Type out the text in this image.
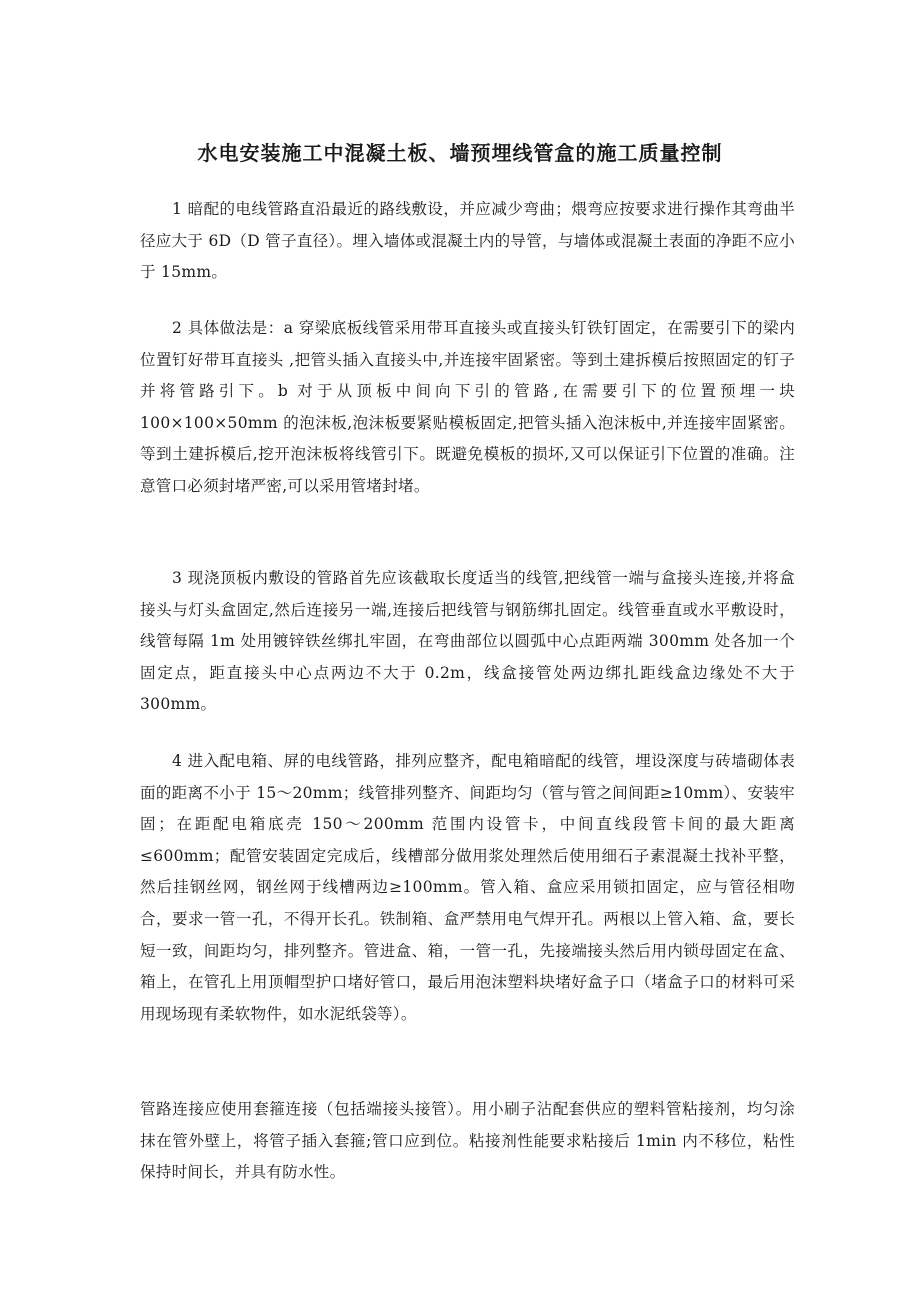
水电安装施工中混凝土板、墙预埋线管盒的施工质量控制

1 暗配的电线管路直沿最近的路线敷设，并应减少弯曲；煨弯应按要求进行操作其弯曲半径应大于 6D（D 管子直径）。埋入墙体或混凝土内的导管，与墙体或混凝土表面的净距不应小于 15mm。

2 具体做法是：a 穿梁底板线管采用带耳直接头或直接头钉铁钉固定，在需要引下的梁内位置钉好带耳直接头 ,把管头插入直接头中,并连接牢固紧密。等到土建拆模后按照固定的钉子并将管路引下。b 对于从顶板中间向下引的管路,在需要引下的位置预埋一块 100×100×50mm 的泡沫板,泡沫板要紧贴模板固定,把管头插入泡沫板中,并连接牢固紧密。等到土建拆模后,挖开泡沫板将线管引下。既避免模板的损坏,又可以保证引下位置的准确。注意管口必须封堵严密,可以采用管堵封堵。

3 现浇顶板内敷设的管路首先应该截取长度适当的线管,把线管一端与盒接头连接,并将盒接头与灯头盒固定,然后连接另一端,连接后把线管与钢筋绑扎固定。线管垂直或水平敷设时，线管每隔 1m 处用镀锌铁丝绑扎牢固，在弯曲部位以圆弧中心点距两端 300mm 处各加一个固定点，距直接头中心点两边不大于 0.2m，线盒接管处两边绑扎距线盒边缘处不大于 300mm。

4 进入配电箱、屏的电线管路，排列应整齐，配电箱暗配的线管，埋设深度与砖墙砌体表面的距离不小于 15～20mm；线管排列整齐、间距均匀（管与管之间间距≥10mm）、安装牢固；在距配电箱底壳 150～200mm 范围内设管卡，中间直线段管卡间的最大距离≤600mm；配管安装固定完成后，线槽部分做用浆处理然后使用细石子素混凝土找补平整，然后挂钢丝网，钢丝网于线槽两边≥100mm。管入箱、盒应采用锁扣固定，应与管径相吻合，要求一管一孔，不得开长孔。铁制箱、盒严禁用电气焊开孔。两根以上管入箱、盒，要长短一致，间距均匀，排列整齐。管进盒、箱，一管一孔，先接端接头然后用内锁母固定在盒、箱上，在管孔上用顶帽型护口堵好管口，最后用泡沫塑料块堵好盒子口（堵盒子口的材料可采用现场现有柔软物件，如水泥纸袋等）。

管路连接应使用套箍连接（包括端接头接管）。用小刷子沾配套供应的塑料管粘接剂，均匀涂抹在管外壁上，将管子插入套箍;管口应到位。粘接剂性能要求粘接后 1min 内不移位，粘性保持时间长，并具有防水性。
